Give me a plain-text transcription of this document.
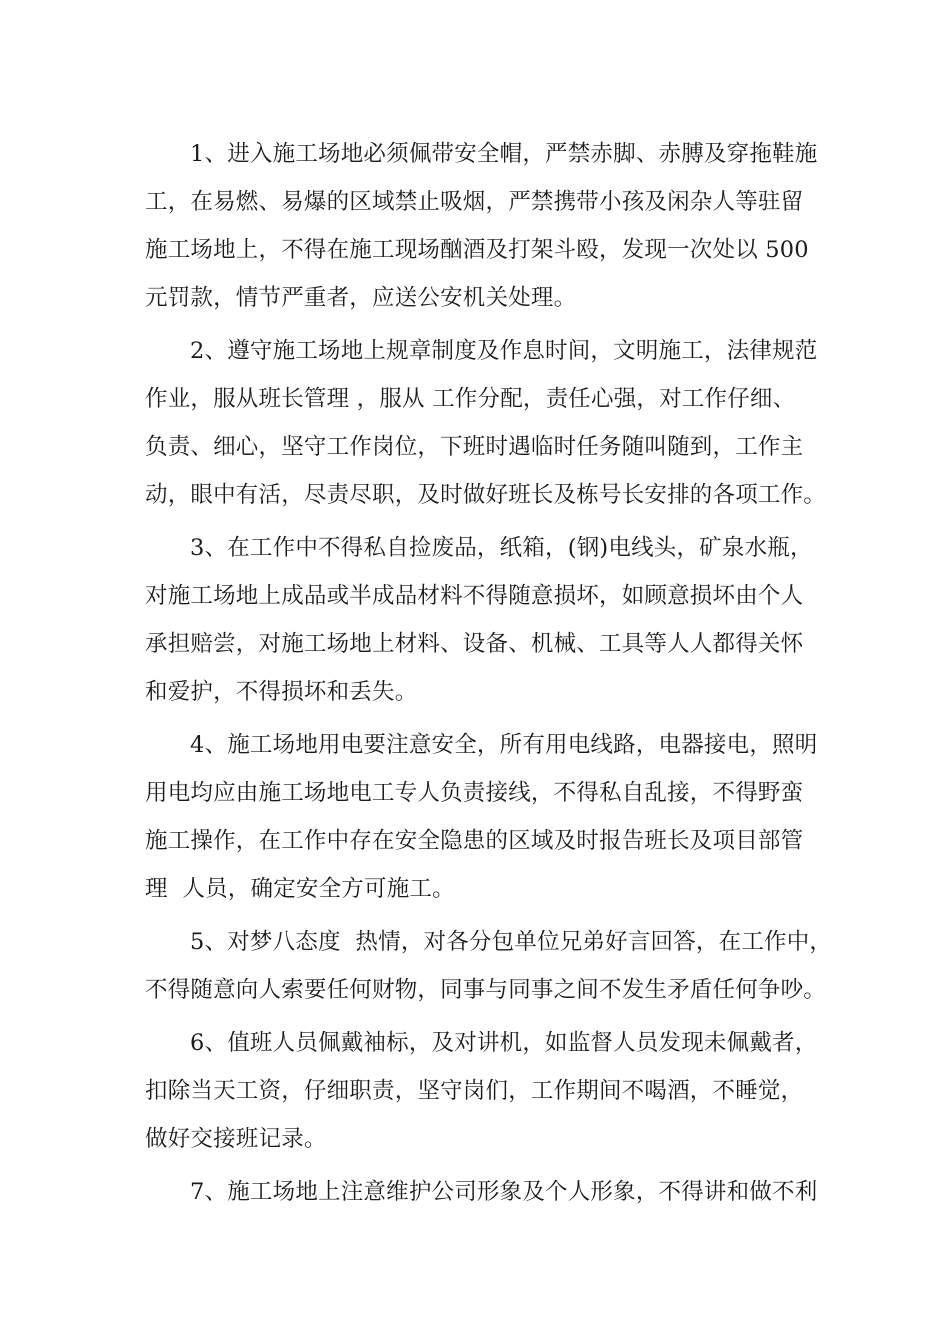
1、进入施工场地必须佩带安全帽，严禁赤脚、赤膊及穿拖鞋施
工，在易燃、易爆的区域禁止吸烟，严禁携带小孩及闲杂人等驻留
施工场地上，不得在施工现场酗酒及打架斗殴，发现一次处以 500
元罚款，情节严重者，应送公安机关处理。
2、遵守施工场地上规章制度及作息时间，文明施工，法律规范
作业，服从班长管理 ，服从 工作分配，责任心强，对工作仔细、
负责、细心，坚守工作岗位，下班时遇临时任务随叫随到，工作主
动，眼中有活，尽责尽职，及时做好班长及栋号长安排的各项工作。
3、在工作中不得私自捡废品，纸箱，(钢)电线头，矿泉水瓶，
对施工场地上成品或半成品材料不得随意损坏，如顾意损坏由个人
承担赔尝，对施工场地上材料、设备、机械、工具等人人都得关怀
和爱护，不得损坏和丢失。
4、施工场地用电要注意安全，所有用电线路，电器接电，照明
用电均应由施工场地电工专人负责接线，不得私自乱接，不得野蛮
施工操作，在工作中存在安全隐患的区域及时报告班长及项目部管
理  人员，确定安全方可施工。
5、对梦八态度  热情，对各分包单位兄弟好言回答，在工作中，
不得随意向人索要任何财物，同事与同事之间不发生矛盾任何争吵。
6、值班人员佩戴袖标，及对讲机，如监督人员发现未佩戴者，
扣除当天工资，仔细职责，坚守岗们，工作期间不喝酒，不睡觉，
做好交接班记录。
7、施工场地上注意维护公司形象及个人形象，不得讲和做不利
